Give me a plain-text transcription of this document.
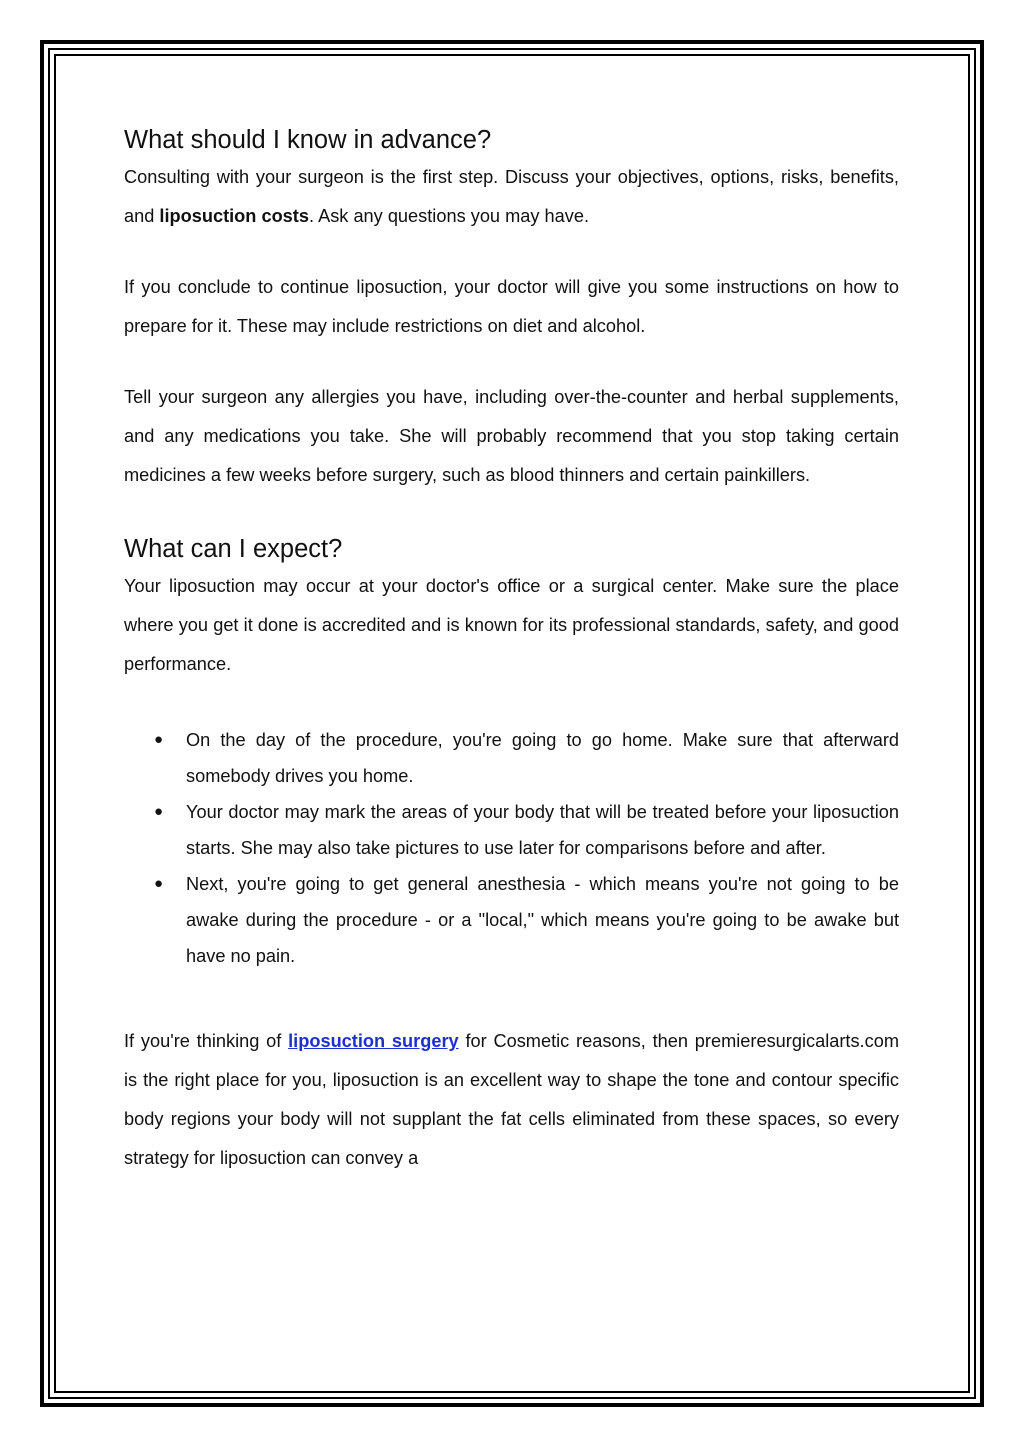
What should I know in advance?

Consulting with your surgeon is the first step. Discuss your objectives, options, risks, benefits, and liposuction costs. Ask any questions you may have.

If you conclude to continue liposuction, your doctor will give you some instructions on how to prepare for it. These may include restrictions on diet and alcohol.

Tell your surgeon any allergies you have, including over-the-counter and herbal supplements, and any medications you take. She will probably recommend that you stop taking certain medicines a few weeks before surgery, such as blood thinners and certain painkillers.

What can I expect?

Your liposuction may occur at your doctor's office or a surgical center. Make sure the place where you get it done is accredited and is known for its professional standards, safety, and good performance.

● On the day of the procedure, you're going to go home. Make sure that afterward somebody drives you home.
● Your doctor may mark the areas of your body that will be treated before your liposuction starts. She may also take pictures to use later for comparisons before and after.
● Next, you're going to get general anesthesia - which means you're not going to be awake during the procedure - or a "local," which means you're going to be awake but have no pain.

If you're thinking of liposuction surgery for Cosmetic reasons, then premieresurgicalarts.com is the right place for you, liposuction is an excellent way to shape the tone and contour specific body regions your body will not supplant the fat cells eliminated from these spaces, so every strategy for liposuction can convey a
